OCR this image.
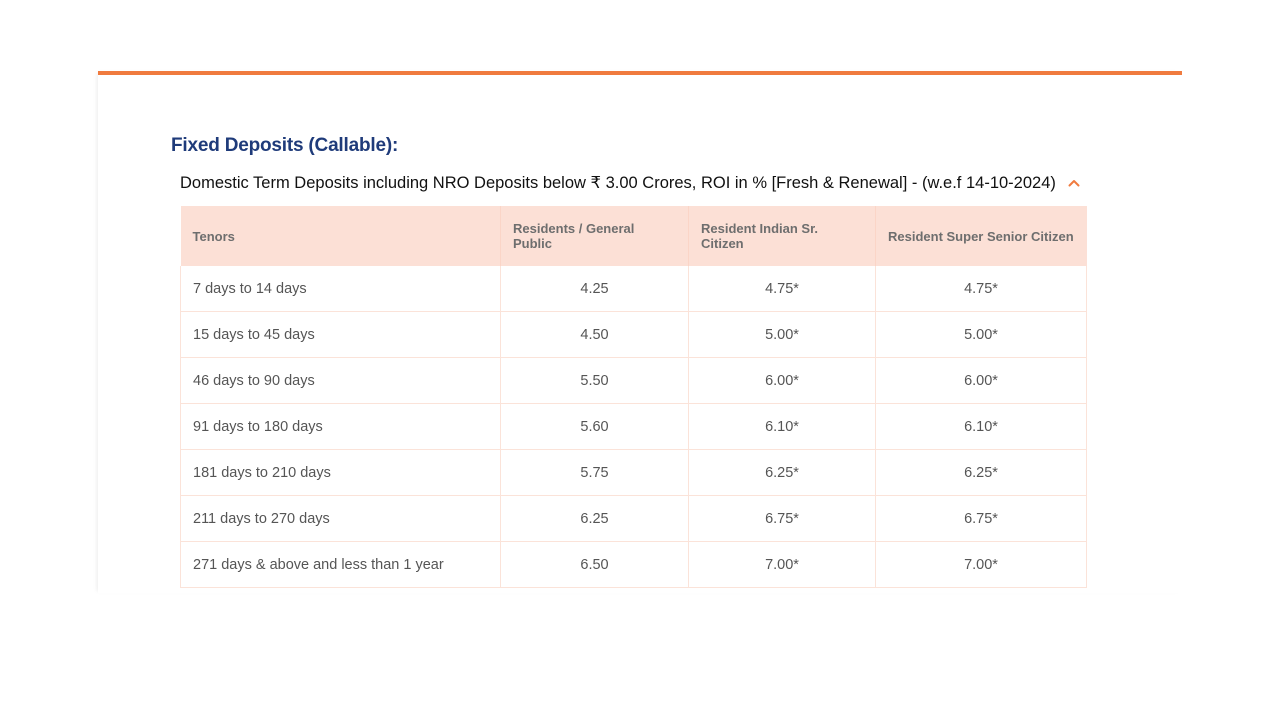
Fixed Deposits (Callable):
Domestic Term Deposits including NRO Deposits below ₹ 3.00 Crores, ROI in % [Fresh & Renewal] - (w.e.f 14-10-2024)
Tenors	Residents / General Public	Resident Indian Sr. Citizen	Resident Super Senior Citizen
7 days to 14 days	4.25	4.75*	4.75*
15 days to 45 days	4.50	5.00*	5.00*
46 days to 90 days	5.50	6.00*	6.00*
91 days to 180 days	5.60	6.10*	6.10*
181 days to 210 days	5.75	6.25*	6.25*
211 days to 270 days	6.25	6.75*	6.75*
271 days & above and less than 1 year	6.50	7.00*	7.00*
